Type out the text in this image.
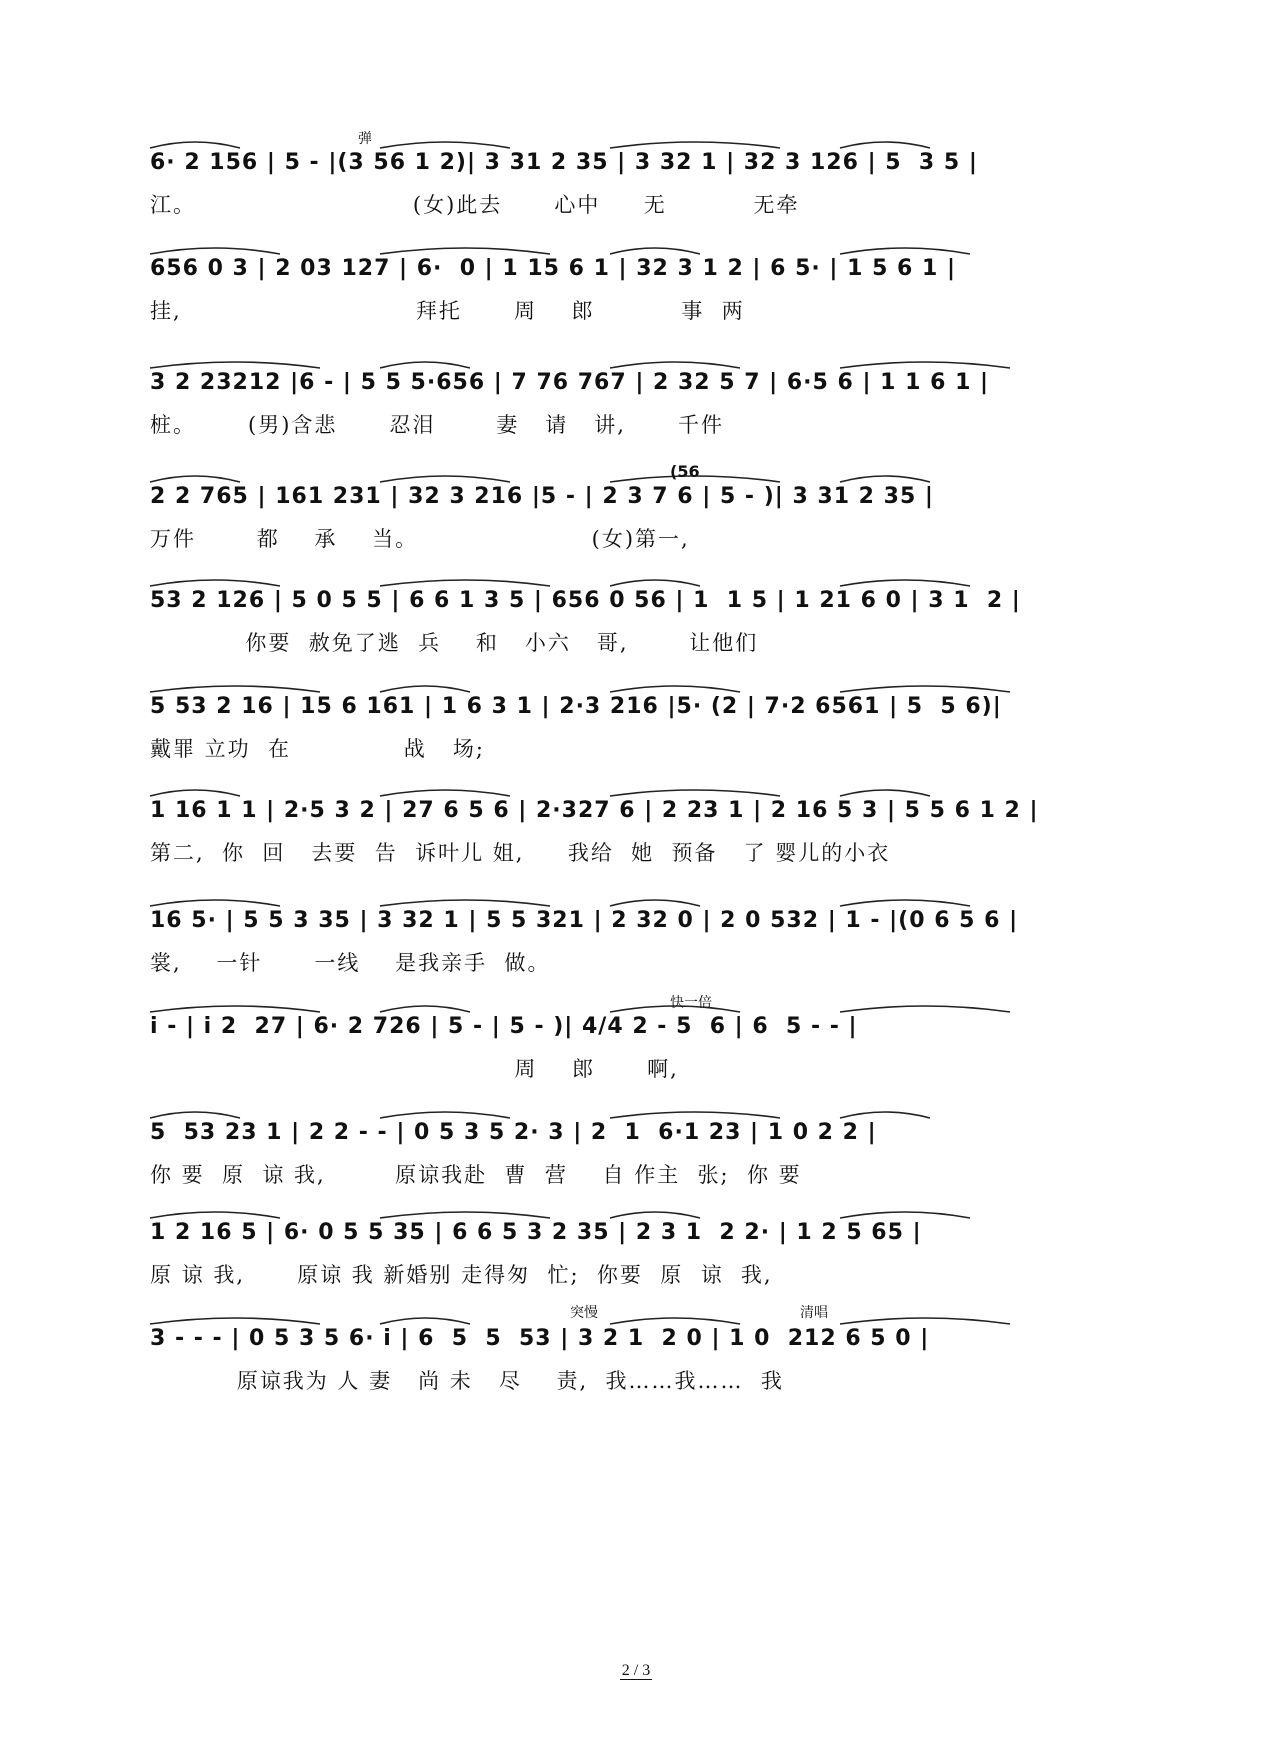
6· 2 156 | 5 - |(3 56 1 2)| 3 31 2 35 | 3 32 1 | 32 3 126 | 5  3 5 |
江。                         (女)此去      心中     无          无牵
弹
656 0 3 | 2 03 127 | 6·  0 | 1 15 6 1 | 32 3 1 2 | 6 5· | 1 5 6 1 |
挂,                           拜托      周    郎          事  两
3 2 23212 |6 - | 5 5 5·656 | 7 76 767 | 2 32 5 7 | 6·5 6 | 1 1 6 1 |
桩。      (男)含悲      忍泪       妻   请   讲,      千件
2 2 765 | 161 231 | 32 3 216 |5 - | 2 3 7 6 | 5 - )| 3 31 2 35 |
万件       都    承    当。                    (女)第一,
(56
53 2 126 | 5 0 5 5 | 6 6 1 3 5 | 656 0 56 | 1  1 5 | 1 21 6 0 | 3 1  2 |
你要  赦免了逃  兵    和   小六   哥,       让他们
5 53 2 16 | 15 6 161 | 1 6 3 1 | 2·3 216 |5· (2 | 7·2 6561 | 5  5 6)|
戴罪 立功  在             战   场;
1 16 1 1 | 2·5 3 2 | 27 6 5 6 | 2·327 6 | 2 23 1 | 2 16 5 3 | 5 5 6 1 2 |
第二,  你  回   去要  告  诉叶儿 姐,     我给  她  预备   了 婴儿的小衣
16 5· | 5 5 3 35 | 3 32 1 | 5 5 321 | 2 32 0 | 2 0 532 | 1 - |(0 6 5 6 |
裳,    一针      一线    是我亲手  做。
i - | i 2  27 | 6· 2 726 | 5 - | 5 - )| 4/4 2 - 5  6 | 6  5 - - |
周    郎      啊,
快一倍
5  53 23 1 | 2 2 - - | 0 5 3 5 2· 3 | 2  1  6·1 23 | 1 0 2 2 |
你 要  原  谅 我,        原谅我赴  曹  营    自 作主  张;  你 要
1 2 16 5 | 6· 0 5 5 35 | 6 6 5 3 2 35 | 2 3 1  2 2· | 1 2 5 65 |
原 谅 我,      原谅 我 新婚别 走得匆  忙;  你要  原  谅  我,
3 - - - | 0 5 3 5 6· i | 6  5  5  53 | 3 2 1  2 0 | 1 0  212 6 5 0 |
原谅我为 人 妻   尚 未   尽    责,  我……我……  我
突慢	清唱
2 / 3
